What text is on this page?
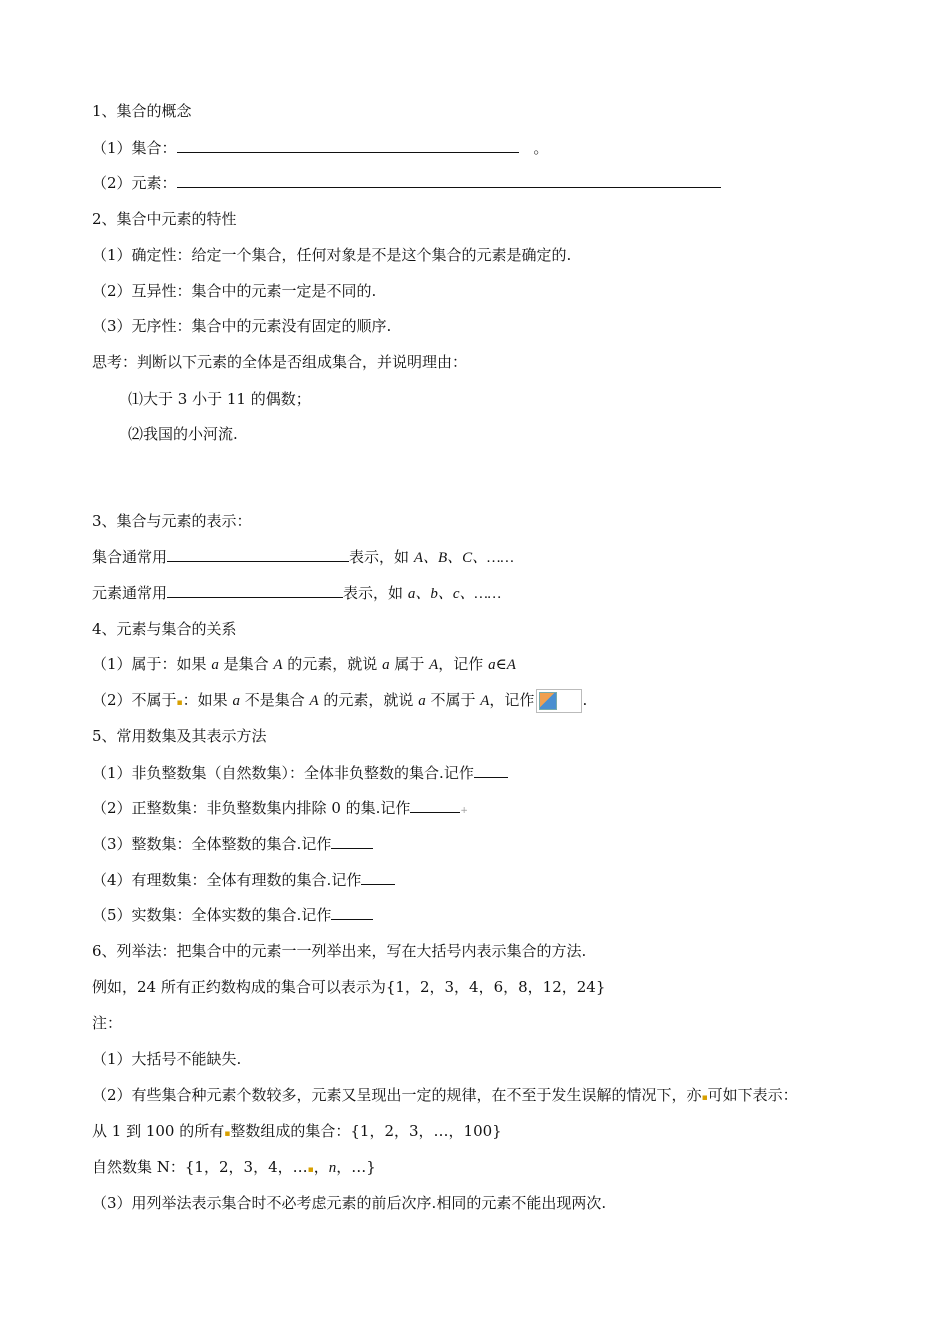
1、集合的概念
（1）集合：	。
（2）元素：
2、集合中元素的特性
（1）确定性：给定一个集合，任何对象是不是这个集合的元素是确定的.
（2）互异性：集合中的元素一定是不同的.
（3）无序性：集合中的元素没有固定的顺序.
思考：判断以下元素的全体是否组成集合，并说明理由：
⑴大于 3 小于 11 的偶数；
⑵我国的小河流.
3、集合与元素的表示：
集合通常用	表示，如 A、B、C、……
元素通常用	表示，如 a、b、c、……
4、元素与集合的关系
（1）属于：如果 a 是集合 A 的元素，就说 a 属于 A，记作 a∈A
（2）不属于▪：如果 a 不是集合 A 的元素，就说 a 不属于 A，记作	.
5、常用数集及其表示方法
（1）非负整数集（自然数集）：全体非负整数的集合.记作
（2）正整数集：非负整数集内排除 0 的集.记作	+
（3）整数集：全体整数的集合.记作
（4）有理数集：全体有理数的集合.记作
（5）实数集：全体实数的集合.记作
6、列举法：把集合中的元素一一列举出来，写在大括号内表示集合的方法.
例如，24 所有正约数构成的集合可以表示为{1，2，3，4，6，8，12，24}
注：
（1）大括号不能缺失.
（2）有些集合种元素个数较多，元素又呈现出一定的规律，在不至于发生误解的情况下，亦▪可如下表示：
从 1 到 100 的所有▪整数组成的集合：{1，2，3，…，100}
自然数集 N：{1，2，3，4，…▪，n，…}
（3）用列举法表示集合时不必考虑元素的前后次序.相同的元素不能出现两次.
